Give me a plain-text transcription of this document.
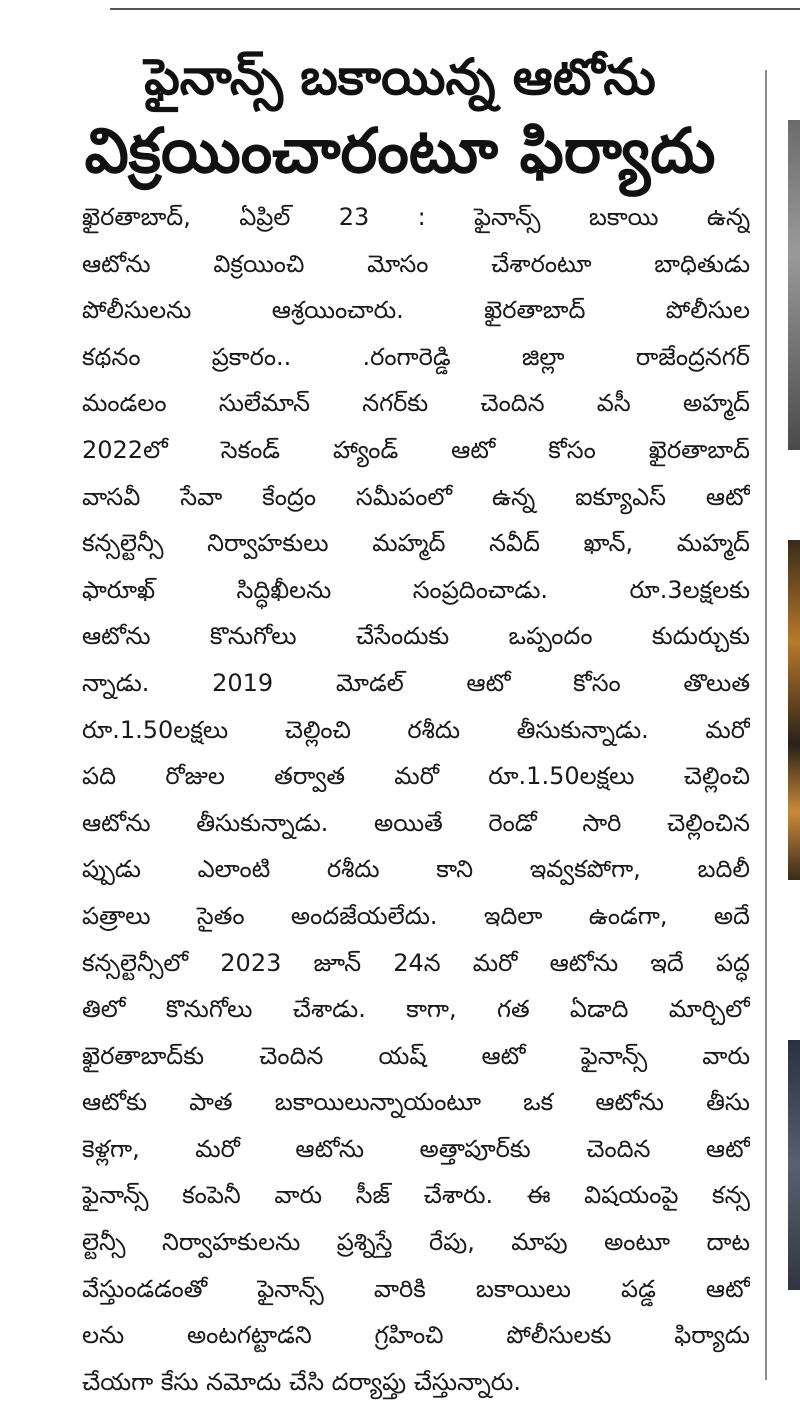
ఫైనాన్స్ బకాయిన్న ఆటోను
విక్రయించారంటూ ఫిర్యాదు
ఖైరతాబాద్, ఏప్రిల్ 23 : ఫైనాన్స్ బకాయి ఉన్న
ఆటోను విక్రయించి మోసం చేశారంటూ బాధితుడు
పోలీసులను ఆశ్రయించారు. ఖైరతాబాద్ పోలీసుల
కథనం ప్రకారం.. .రంగారెడ్డి జిల్లా రాజేంద్రనగర్
మండలం సులేమాన్ నగర్‌కు చెందిన వసీ అహ్మద్
2022లో సెకండ్ హ్యాండ్ ఆటో కోసం ఖైరతాబాద్
వాసవీ సేవా కేంద్రం సమీపంలో ఉన్న ఐక్యూఎస్ ఆటో
కన్సల్టెన్సీ నిర్వాహకులు మహ్మద్ నవీద్ ఖాన్, మహ్మద్
ఫారూఖ్ సిద్ధిఖీలను సంప్రదించాడు. రూ.3లక్షలకు
ఆటోను కొనుగోలు చేసేందుకు ఒప్పందం కుదుర్చుకు
న్నాడు. 2019 మోడల్ ఆటో కోసం తొలుత
రూ.1.50లక్షలు చెల్లించి రశీదు తీసుకున్నాడు. మరో
పది రోజుల తర్వాత మరో రూ.1.50లక్షలు చెల్లించి
ఆటోను తీసుకున్నాడు. అయితే రెండో సారి చెల్లించిన
ప్పుడు ఎలాంటి రశీదు కాని ఇవ్వకపోగా, బదిలీ
పత్రాలు సైతం అందజేయలేదు. ఇదిలా ఉండగా, అదే
కన్సల్టెన్సీలో 2023 జూన్ 24న మరో ఆటోను ఇదే పద్ధ
తిలో కొనుగోలు చేశాడు. కాగా, గత ఏడాది మార్చిలో
ఖైరతాబాద్‌కు చెందిన యష్ ఆటో ఫైనాన్స్ వారు
ఆటోకు పాత బకాయిలున్నాయంటూ ఒక ఆటోను తీసు
కెళ్లగా, మరో ఆటోను అత్తాపూర్‌కు చెందిన ఆటో
ఫైనాన్స్ కంపెనీ వారు సీజ్ చేశారు. ఈ విషయంపై కన్స
ల్టెన్సీ నిర్వాహకులను ప్రశ్నిస్తే రేపు, మాపు అంటూ దాట
వేస్తుండడంతో ఫైనాన్స్ వారికి బకాయిలు పడ్డ ఆటో
లను అంటగట్టాడని గ్రహించి పోలీసులకు ఫిర్యాదు
చేయగా కేసు నమోదు చేసి దర్యాప్తు చేస్తున్నారు.
